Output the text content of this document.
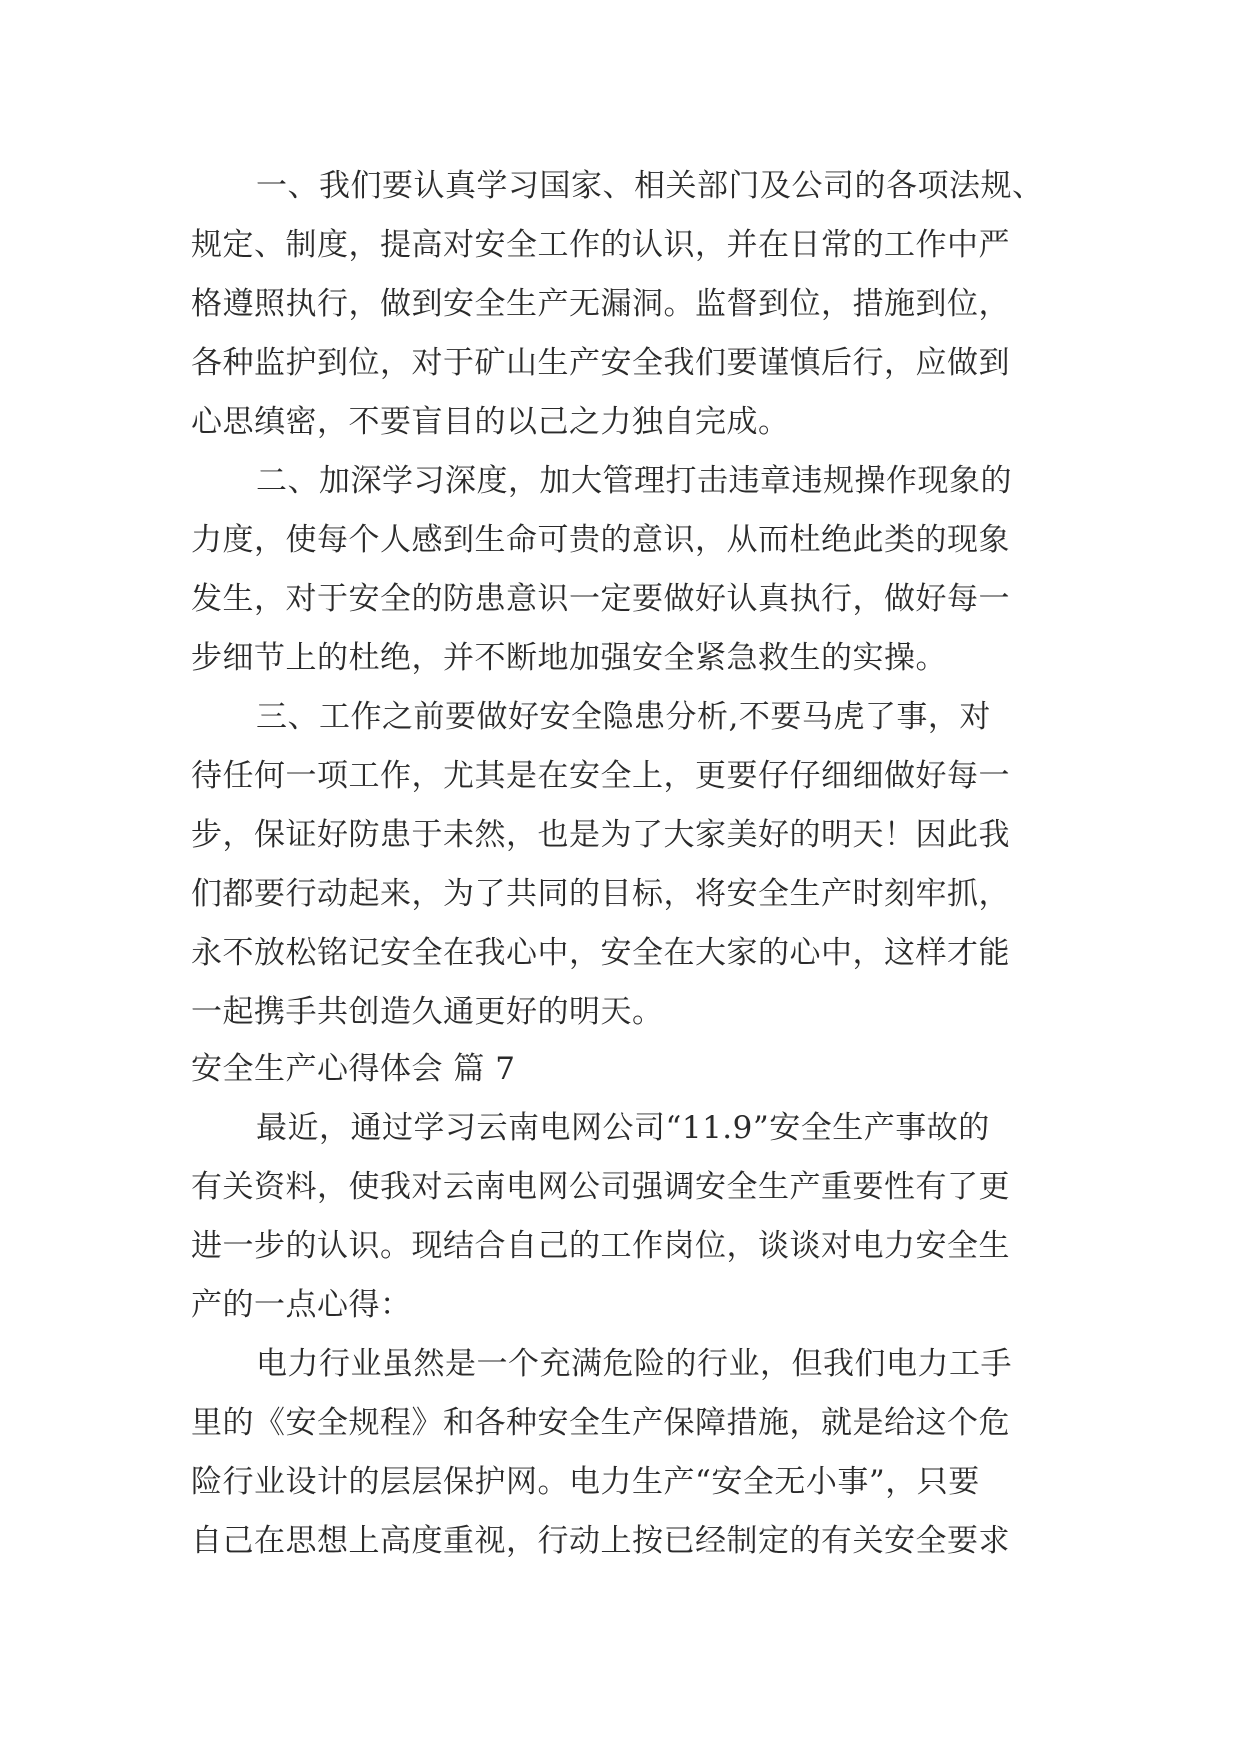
一、我们要认真学习国家、相关部门及公司的各项法规、
规定、制度，提高对安全工作的认识，并在日常的工作中严
格遵照执行，做到安全生产无漏洞。监督到位，措施到位，
各种监护到位，对于矿山生产安全我们要谨慎后行，应做到
心思缜密，不要盲目的以己之力独自完成。
二、加深学习深度，加大管理打击违章违规操作现象的
力度，使每个人感到生命可贵的意识，从而杜绝此类的现象
发生，对于安全的防患意识一定要做好认真执行，做好每一
步细节上的杜绝，并不断地加强安全紧急救生的实操。
三、工作之前要做好安全隐患分析,不要马虎了事，对
待任何一项工作，尤其是在安全上，更要仔仔细细做好每一
步，保证好防患于未然，也是为了大家美好的明天！因此我
们都要行动起来，为了共同的目标，将安全生产时刻牢抓，
永不放松铭记安全在我心中，安全在大家的心中，这样才能
一起携手共创造久通更好的明天。
安全生产心得体会 篇 7
最近，通过学习云南电网公司“11.9”安全生产事故的
有关资料，使我对云南电网公司强调安全生产重要性有了更
进一步的认识。现结合自己的工作岗位，谈谈对电力安全生
产的一点心得：
电力行业虽然是一个充满危险的行业，但我们电力工手
里的《安全规程》和各种安全生产保障措施，就是给这个危
险行业设计的层层保护网。电力生产“安全无小事”，只要
自己在思想上高度重视，行动上按已经制定的有关安全要求
